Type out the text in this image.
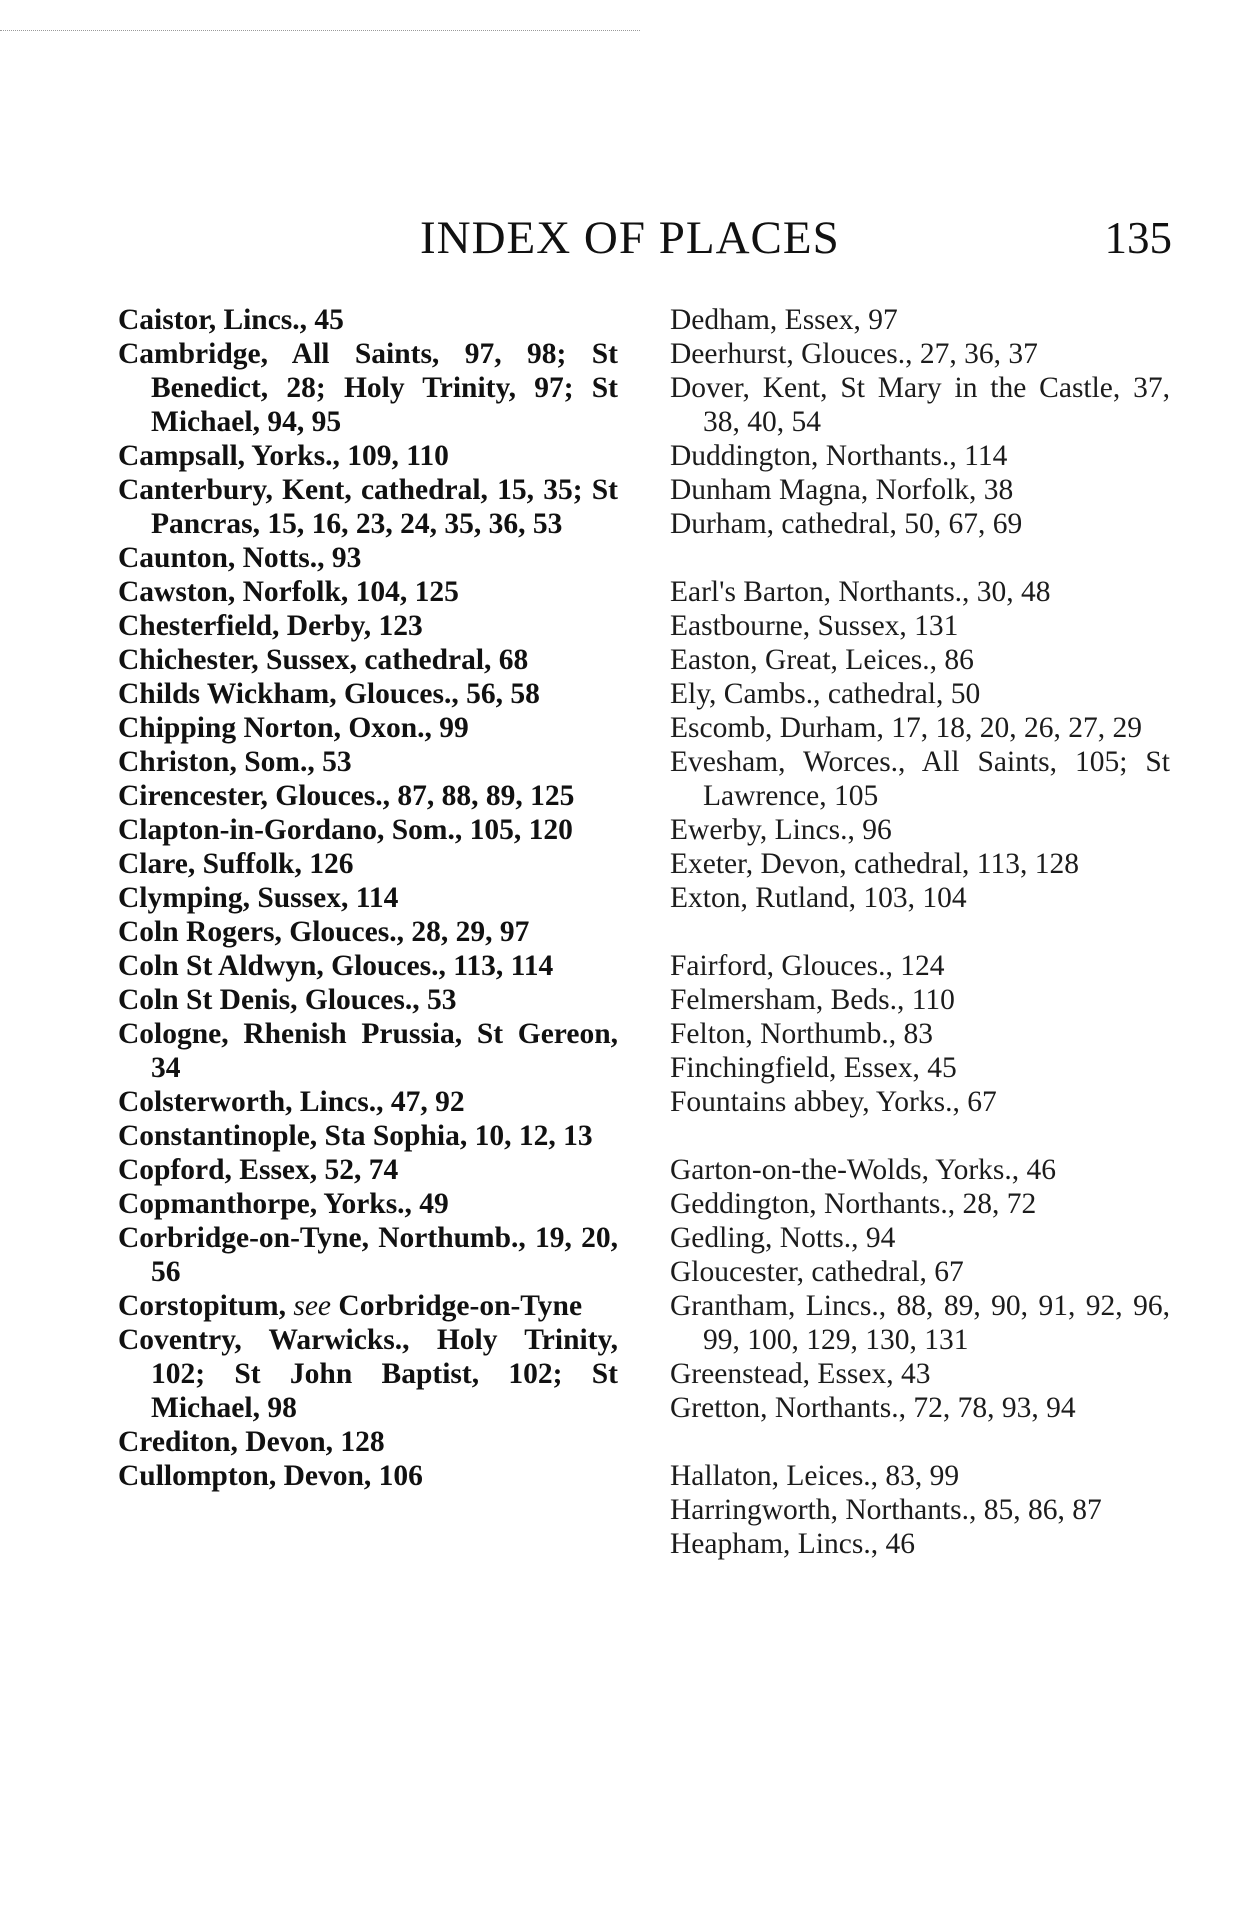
INDEX OF PLACES	135

Caistor, Lincs., 45

Cambridge, All Saints, 97, 98; St Benedict, 28; Holy Trinity, 97; St Michael, 94, 95

Campsall, Yorks., 109, 110

Canterbury, Kent, cathedral, 15, 35; St Pancras, 15, 16, 23, 24, 35, 36, 53

Caunton, Notts., 93

Cawston, Norfolk, 104, 125

Chesterfield, Derby, 123

Chichester, Sussex, cathedral, 68

Childs Wickham, Glouces., 56, 58

Chipping Norton, Oxon., 99

Christon, Som., 53

Cirencester, Glouces., 87, 88, 89, 125

Clapton-in-Gordano, Som., 105, 120

Clare, Suffolk, 126

Clymping, Sussex, 114

Coln Rogers, Glouces., 28, 29, 97

Coln St Aldwyn, Glouces., 113, 114

Coln St Denis, Glouces., 53

Cologne, Rhenish Prussia, St Gereon, 34

Colsterworth, Lincs., 47, 92

Constantinople, Sta Sophia, 10, 12, 13

Copford, Essex, 52, 74

Copmanthorpe, Yorks., 49

Corbridge-on-Tyne, Northumb., 19, 20, 56

Corstopitum, see Corbridge-on-Tyne

Coventry, Warwicks., Holy Trinity, 102; St John Baptist, 102; St Michael, 98

Crediton, Devon, 128

Cullompton, Devon, 106

Dedham, Essex, 97

Deerhurst, Glouces., 27, 36, 37

Dover, Kent, St Mary in the Castle, 37, 38, 40, 54

Duddington, Northants., 114

Dunham Magna, Norfolk, 38

Durham, cathedral, 50, 67, 69

Earl's Barton, Northants., 30, 48

Eastbourne, Sussex, 131

Easton, Great, Leices., 86

Ely, Cambs., cathedral, 50

Escomb, Durham, 17, 18, 20, 26, 27, 29

Evesham, Worces., All Saints, 105; St Lawrence, 105

Ewerby, Lincs., 96

Exeter, Devon, cathedral, 113, 128

Exton, Rutland, 103, 104

Fairford, Glouces., 124

Felmersham, Beds., 110

Felton, Northumb., 83

Finchingfield, Essex, 45

Fountains abbey, Yorks., 67

Garton-on-the-Wolds, Yorks., 46

Geddington, Northants., 28, 72

Gedling, Notts., 94

Gloucester, cathedral, 67

Grantham, Lincs., 88, 89, 90, 91, 92, 96, 99, 100, 129, 130, 131

Greenstead, Essex, 43

Gretton, Northants., 72, 78, 93, 94

Hallaton, Leices., 83, 99

Harringworth, Northants., 85, 86, 87

Heapham, Lincs., 46
